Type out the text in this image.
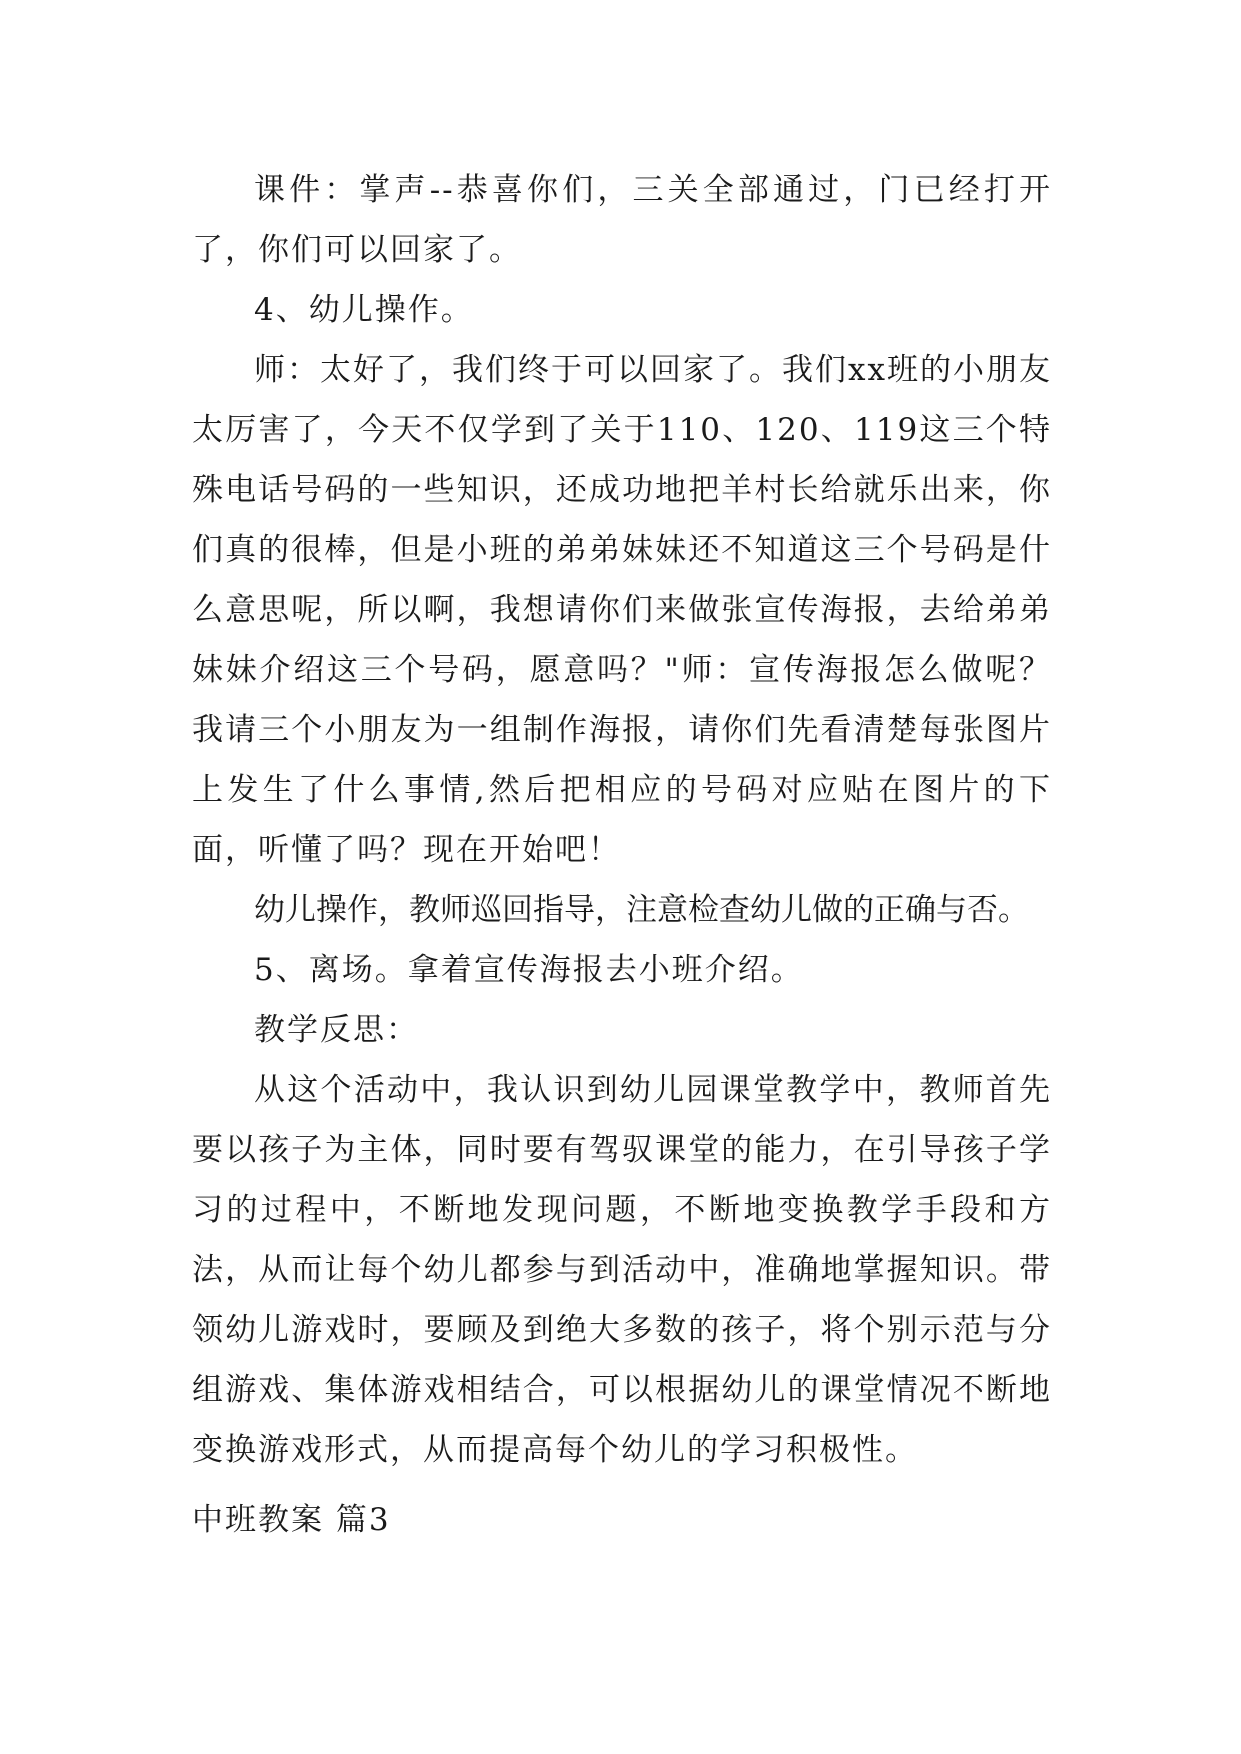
课件：掌声--恭喜你们，三关全部通过，门已经打开了，你们可以回家了。

4、幼儿操作。

师：太好了，我们终于可以回家了。我们xx班的小朋友太厉害了，今天不仅学到了关于110、120、119这三个特殊电话号码的一些知识，还成功地把羊村长给就乐出来，你们真的很棒，但是小班的弟弟妹妹还不知道这三个号码是什么意思呢，所以啊，我想请你们来做张宣传海报，去给弟弟妹妹介绍这三个号码，愿意吗？"师：宣传海报怎么做呢？我请三个小朋友为一组制作海报，请你们先看清楚每张图片上发生了什么事情,然后把相应的号码对应贴在图片的下面，听懂了吗？现在开始吧！

幼儿操作，教师巡回指导，注意检查幼儿做的正确与否。

5、离场。拿着宣传海报去小班介绍。

教学反思：

从这个活动中，我认识到幼儿园课堂教学中，教师首先要以孩子为主体，同时要有驾驭课堂的能力，在引导孩子学习的过程中，不断地发现问题，不断地变换教学手段和方法，从而让每个幼儿都参与到活动中，准确地掌握知识。带领幼儿游戏时，要顾及到绝大多数的孩子，将个别示范与分组游戏、集体游戏相结合，可以根据幼儿的课堂情况不断地变换游戏形式，从而提高每个幼儿的学习积极性。

中班教案 篇3
